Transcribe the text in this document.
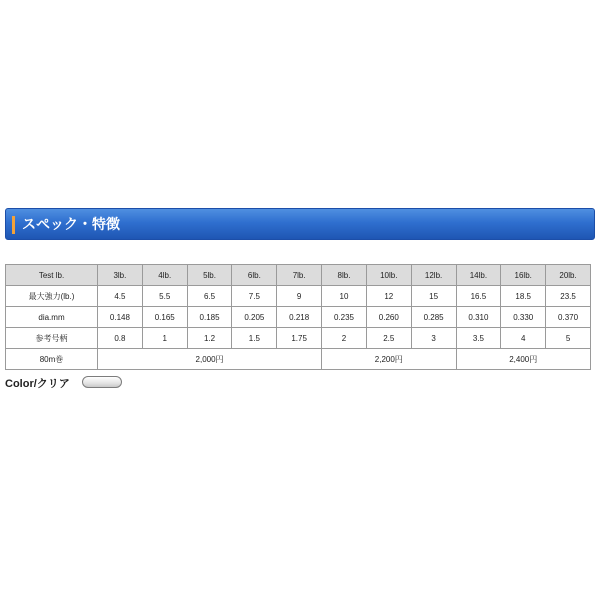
スペック・特徴
Test lb.	3lb.	4lb.	5lb.	6lb.	7lb.	8lb.	10lb.	12lb.	14lb.	16lb.	20lb.
最大強力(lb.)	4.5	5.5	6.5	7.5	9	10	12	15	16.5	18.5	23.5
dia.mm	0.148	0.165	0.185	0.205	0.218	0.235	0.260	0.285	0.310	0.330	0.370
参考号柄	0.8	1	1.2	1.5	1.75	2	2.5	3	3.5	4	5
80m巻	2,000円					2,200円			2,400円		
Color/クリア
